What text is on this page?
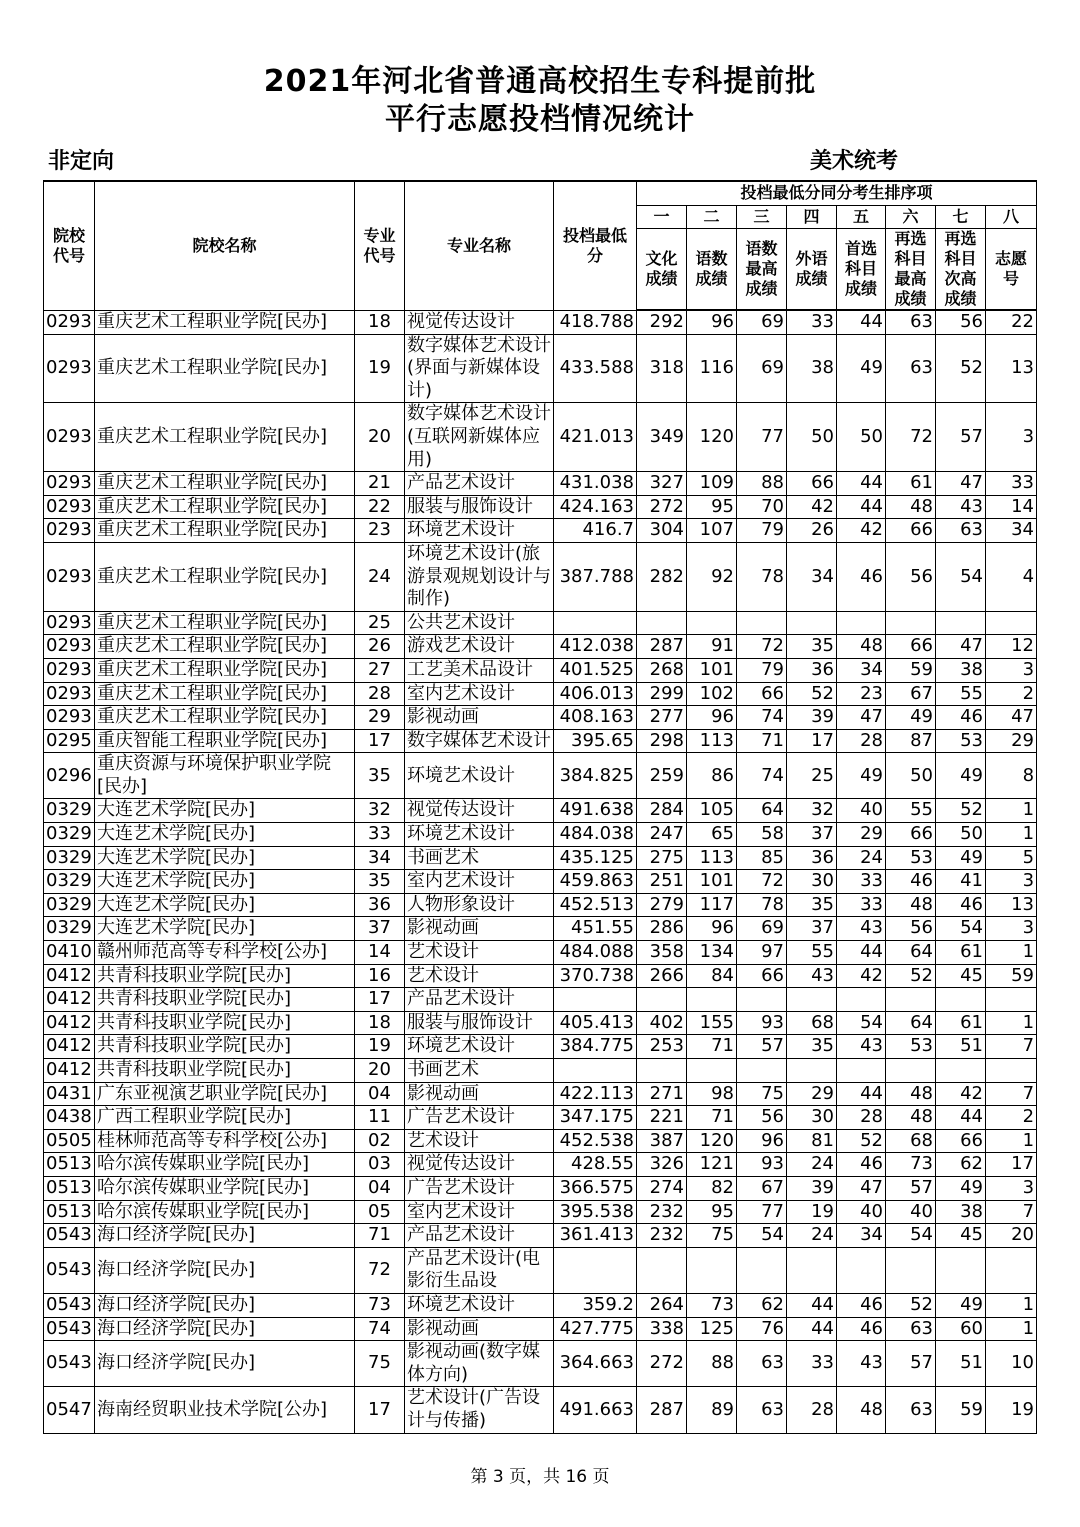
2021年河北省普通高校招生专科提前批
平行志愿投档情况统计
非定向	美术统考
院校代号	院校名称	专业代号	专业名称	投档最低分	投档最低分同分考生排序项							
					一	二	三	四	五	六	七	八
					文化成绩	语数成绩	语数最高成绩	外语成绩	首选科目成绩	再选科目最高成绩	再选科目次高成绩	志愿号
0293	重庆艺术工程职业学院[民办]	18	视觉传达设计	418.788	292	96	69	33	44	63	56	22
0293	重庆艺术工程职业学院[民办]	19	数字媒体艺术设计(界面与新媒体设计)	433.588	318	116	69	38	49	63	52	13
0293	重庆艺术工程职业学院[民办]	20	数字媒体艺术设计(互联网新媒体应用)	421.013	349	120	77	50	50	72	57	3
0293	重庆艺术工程职业学院[民办]	21	产品艺术设计	431.038	327	109	88	66	44	61	47	33
0293	重庆艺术工程职业学院[民办]	22	服装与服饰设计	424.163	272	95	70	42	44	48	43	14
0293	重庆艺术工程职业学院[民办]	23	环境艺术设计	416.7	304	107	79	26	42	66	63	34
0293	重庆艺术工程职业学院[民办]	24	环境艺术设计(旅游景观规划设计与制作)	387.788	282	92	78	34	46	56	54	4
0293	重庆艺术工程职业学院[民办]	25	公共艺术设计									
0293	重庆艺术工程职业学院[民办]	26	游戏艺术设计	412.038	287	91	72	35	48	66	47	12
0293	重庆艺术工程职业学院[民办]	27	工艺美术品设计	401.525	268	101	79	36	34	59	38	3
0293	重庆艺术工程职业学院[民办]	28	室内艺术设计	406.013	299	102	66	52	23	67	55	2
0293	重庆艺术工程职业学院[民办]	29	影视动画	408.163	277	96	74	39	47	49	46	47
0295	重庆智能工程职业学院[民办]	17	数字媒体艺术设计	395.65	298	113	71	17	28	87	53	29
0296	重庆资源与环境保护职业学院[民办]	35	环境艺术设计	384.825	259	86	74	25	49	50	49	8
0329	大连艺术学院[民办]	32	视觉传达设计	491.638	284	105	64	32	40	55	52	1
0329	大连艺术学院[民办]	33	环境艺术设计	484.038	247	65	58	37	29	66	50	1
0329	大连艺术学院[民办]	34	书画艺术	435.125	275	113	85	36	24	53	49	5
0329	大连艺术学院[民办]	35	室内艺术设计	459.863	251	101	72	30	33	46	41	3
0329	大连艺术学院[民办]	36	人物形象设计	452.513	279	117	78	35	33	48	46	13
0329	大连艺术学院[民办]	37	影视动画	451.55	286	96	69	37	43	56	54	3
0410	赣州师范高等专科学校[公办]	14	艺术设计	484.088	358	134	97	55	44	64	61	1
0412	共青科技职业学院[民办]	16	艺术设计	370.738	266	84	66	43	42	52	45	59
0412	共青科技职业学院[民办]	17	产品艺术设计									
0412	共青科技职业学院[民办]	18	服装与服饰设计	405.413	402	155	93	68	54	64	61	1
0412	共青科技职业学院[民办]	19	环境艺术设计	384.775	253	71	57	35	43	53	51	7
0412	共青科技职业学院[民办]	20	书画艺术									
0431	广东亚视演艺职业学院[民办]	04	影视动画	422.113	271	98	75	29	44	48	42	7
0438	广西工程职业学院[民办]	11	广告艺术设计	347.175	221	71	56	30	28	48	44	2
0505	桂林师范高等专科学校[公办]	02	艺术设计	452.538	387	120	96	81	52	68	66	1
0513	哈尔滨传媒职业学院[民办]	03	视觉传达设计	428.55	326	121	93	24	46	73	62	17
0513	哈尔滨传媒职业学院[民办]	04	广告艺术设计	366.575	274	82	67	39	47	57	49	3
0513	哈尔滨传媒职业学院[民办]	05	室内艺术设计	395.538	232	95	77	19	40	40	38	7
0543	海口经济学院[民办]	71	产品艺术设计	361.413	232	75	54	24	34	54	45	20
0543	海口经济学院[民办]	72	产品艺术设计(电影衍生品设									
0543	海口经济学院[民办]	73	环境艺术设计	359.2	264	73	62	44	46	52	49	1
0543	海口经济学院[民办]	74	影视动画	427.775	338	125	76	44	46	63	60	1
0543	海口经济学院[民办]	75	影视动画(数字媒体方向)	364.663	272	88	63	33	43	57	51	10
0547	海南经贸职业技术学院[公办]	17	艺术设计(广告设计与传播)	491.663	287	89	63	28	48	63	59	19
第 3 页，共 16 页
